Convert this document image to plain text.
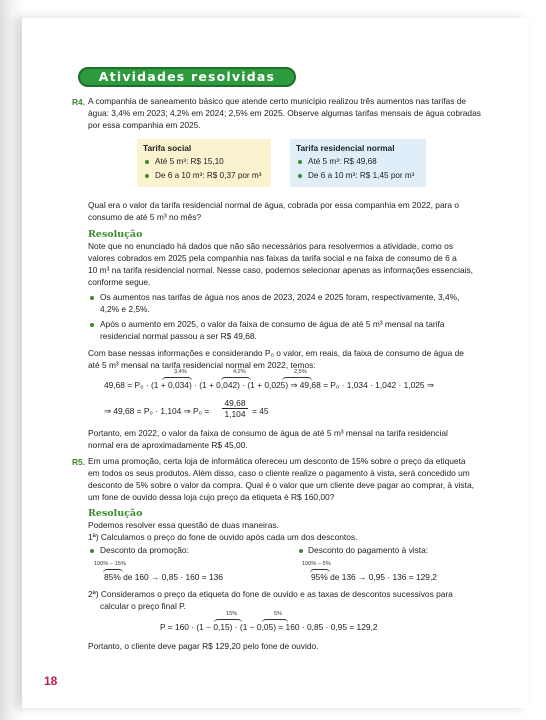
Atividades resolvidas
R4. A companhia de saneamento básico que atende certo município realizou três aumentos nas tarifas de
água: 3,4% em 2023; 4,2% em 2024; 2,5% em 2025. Observe algumas tarifas mensais de água cobradas
por essa companhia em 2025.
Tarifa social
Até 5 m³: R$ 15,10
De 6 a 10 m³: R$ 0,37 por m³
Tarifa residencial normal
Até 5 m³: R$ 49,68
De 6 a 10 m³: R$ 1,45 por m³
Qual era o valor da tarifa residencial normal de água, cobrada por essa companhia em 2022, para o
consumo de até 5 m³ no mês?
Resolução
Note que no enunciado há dados que não são necessários para resolvermos a atividade, como os
valores cobrados em 2025 pela companhia nas faixas da tarifa social e na faixa de consumo de 6 a
10 m³ na tarifa residencial normal. Nesse caso, podemos selecionar apenas as informações essenciais,
conforme segue.
Os aumentos nas tarifas de água nos anos de 2023, 2024 e 2025 foram, respectivamente, 3,4%,
4,2% e 2,5%.
Após o aumento em 2025, o valor da faixa de consumo de água de até 5 m³ mensal na tarifa
residencial normal passou a ser R$ 49,68.
Com base nessas informações e considerando P₀ o valor, em reais, da faixa de consumo de água de
até 5 m³ mensal na tarifa residencial normal em 2022, temos:
3,4%	4,2%	2,5%
49,68 = P₀ · (1 + 0,034) · (1 + 0,042) · (1 + 0,025) ⇒ 49,68 = P₀ · 1,034 · 1,042 · 1,025 ⇒
⇒ 49,68 = P₀ · 1,104 ⇒ $P_0 = \frac{49,68}{1,104} = 45$
Portanto, em 2022, o valor da faixa de consumo de água de até 5 m³ mensal na tarifa residencial
normal era de aproximadamente R$ 45,00.
R5. Em uma promoção, certa loja de informática ofereceu um desconto de 15% sobre o preço da etiqueta
em todos os seus produtos. Além disso, caso o cliente realize o pagamento à vista, será concedido um
desconto de 5% sobre o valor da compra. Qual é o valor que um cliente deve pagar ao comprar, à vista,
um fone de ouvido dessa loja cujo preço da etiqueta é R$ 160,00?
Resolução
Podemos resolver essa questão de duas maneiras.
1ª) Calculamos o preço do fone de ouvido após cada um dos descontos.
Desconto da promoção:
100% − 15%
85% de 160 → 0,85 · 160 = 136
Desconto do pagamento à vista:
100% − 5%
95% de 136 → 0,95 · 136 = 129,2
2ª) Consideramos o preço da etiqueta do fone de ouvido e as taxas de descontos sucessivos para
calcular o preço final P.
15%	5%
P = 160 · (1 − 0,15) · (1 − 0,05) = 160 · 0,85 · 0,95 = 129,2
Portanto, o cliente deve pagar R$ 129,20 pelo fone de ouvido.
18
